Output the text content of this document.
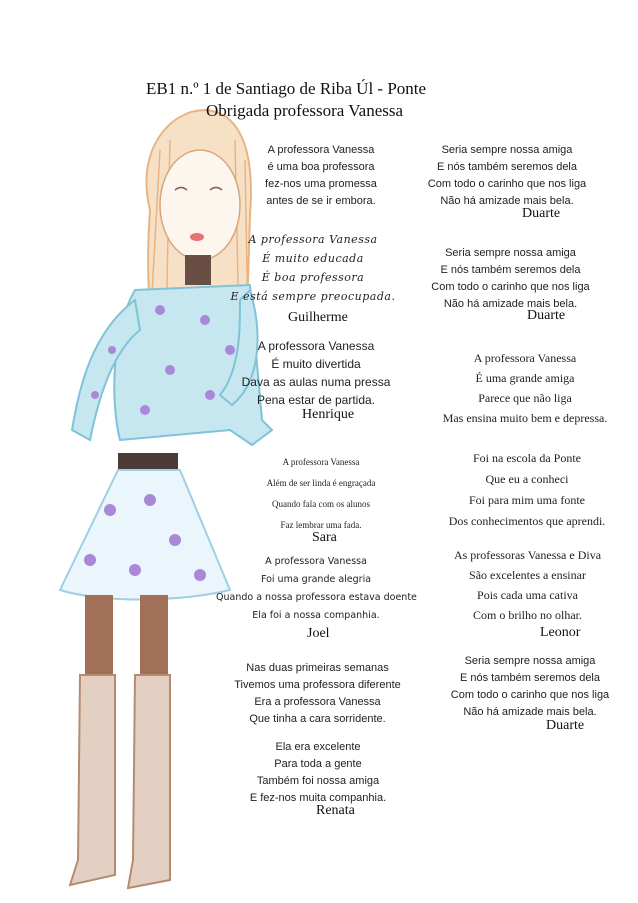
EB1 n.º 1 de Santiago de Riba Úl - Ponte
Obrigada professora Vanessa
A professora Vanessa
é uma boa professora
fez-nos uma promessa
antes de se ir embora.
Seria sempre nossa amiga
E nós também seremos dela
Com todo o carinho que nos liga
Não há amizade mais bela.
Duarte
A professora Vanessa
É muito educada
É boa professora
E está sempre preocupada.
Guilherme
Seria sempre nossa amiga
E nós também seremos dela
Com todo o carinho que nos liga
Não há amizade mais bela.
Duarte
A professora Vanessa
É muito divertida
Dava as aulas numa pressa
Pena estar de partida.
Henrique
A professora Vanessa
É uma grande amiga
Parece que não liga
Mas ensina muito bem e depressa.
A professora Vanessa
Além de ser linda é engraçada
Quando fala com os alunos
Faz lembrar uma fada.
Sara
Foi na escola da Ponte
Que eu a conheci
Foi para mim uma fonte
Dos conhecimentos que aprendi.
A professora Vanessa
Foi uma grande alegria
Quando a nossa professora estava doente
Ela foi a nossa companhia.
Joel
As professoras Vanessa e Diva
São excelentes a ensinar
Pois cada uma cativa
Com o brilho no olhar.
Leonor
Seria sempre nossa amiga
E nós também seremos dela
Com todo o carinho que nos liga
Não há amizade mais bela.
Duarte
Nas duas primeiras semanas
Tivemos uma professora diferente
Era a professora Vanessa
Que tinha a cara sorridente.
Ela era excelente
Para toda a gente
Também foi nossa amiga
E fez-nos muita companhia.
Renata
